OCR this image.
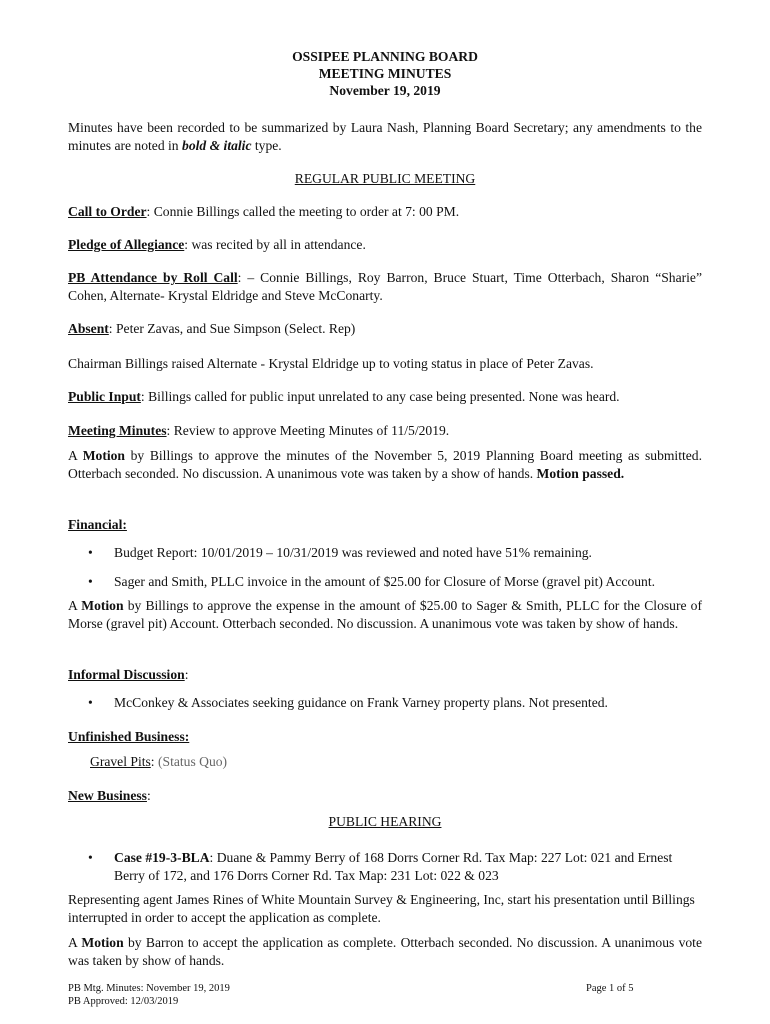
OSSIPEE PLANNING BOARD
MEETING MINUTES
November 19, 2019
Minutes have been recorded to be summarized by Laura Nash, Planning Board Secretary; any amendments to the minutes are noted in bold & italic type.
REGULAR PUBLIC MEETING
Call to Order: Connie Billings called the meeting to order at 7: 00 PM.
Pledge of Allegiance: was recited by all in attendance.
PB Attendance by Roll Call: – Connie Billings, Roy Barron, Bruce Stuart, Time Otterbach, Sharon “Sharie” Cohen, Alternate- Krystal Eldridge and Steve McConarty.
Absent: Peter Zavas, and Sue Simpson (Select. Rep)
Chairman Billings raised Alternate - Krystal Eldridge up to voting status in place of Peter Zavas.
Public Input: Billings called for public input unrelated to any case being presented. None was heard.
Meeting Minutes: Review to approve Meeting Minutes of 11/5/2019.
A Motion by Billings to approve the minutes of the November 5, 2019 Planning Board meeting as submitted. Otterbach seconded. No discussion. A unanimous vote was taken by a show of hands. Motion passed.
Financial:
• Budget Report: 10/01/2019 – 10/31/2019 was reviewed and noted have 51% remaining.
• Sager and Smith, PLLC invoice in the amount of $25.00 for Closure of Morse (gravel pit) Account.
A Motion by Billings to approve the expense in the amount of $25.00 to Sager & Smith, PLLC for the Closure of Morse (gravel pit) Account. Otterbach seconded. No discussion. A unanimous vote was taken by show of hands.
Informal Discussion:
• McConkey & Associates seeking guidance on Frank Varney property plans. Not presented.
Unfinished Business:
Gravel Pits: (Status Quo)
New Business:
PUBLIC HEARING
• Case #19-3-BLA: Duane & Pammy Berry of 168 Dorrs Corner Rd. Tax Map: 227 Lot: 021 and Ernest Berry of 172, and 176 Dorrs Corner Rd. Tax Map: 231 Lot: 022 & 023
Representing agent James Rines of White Mountain Survey & Engineering, Inc, start his presentation until Billings interrupted in order to accept the application as complete.
A Motion by Barron to accept the application as complete. Otterbach seconded. No discussion. A unanimous vote was taken by show of hands.
PB Mtg. Minutes: November 19, 2019
PB Approved: 12/03/2019
Page 1 of 5
